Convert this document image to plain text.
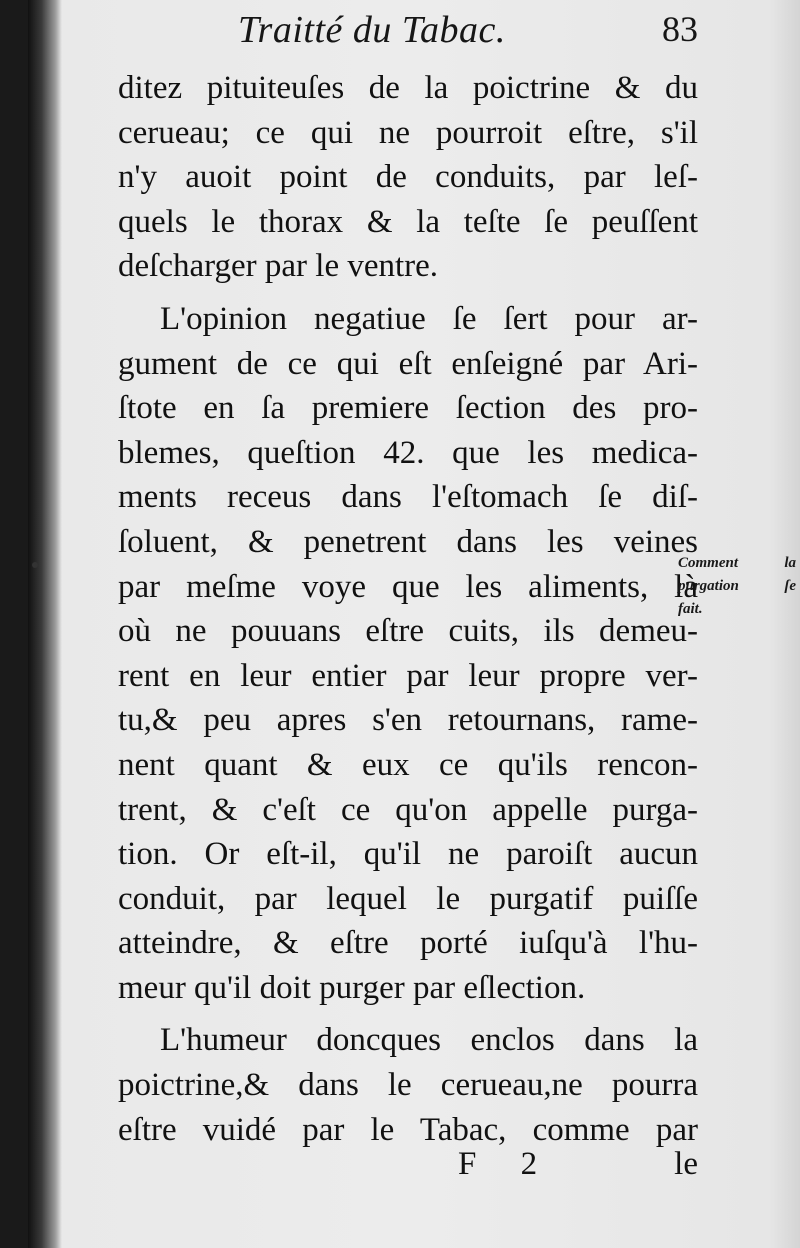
Traitté du Tabac.	83
ditez pituiteuſes de la poictrine & du
cerueau; ce qui ne pourroit eſtre, s'il
n'y auoit point de conduits, par leſ-
quels le thorax & la teſte ſe peuſſent
deſcharger par le ventre.
L'opinion negatiue ſe ſert pour ar-
gument de ce qui eſt enſeigné par Ari-
ſtote en ſa premiere ſection des pro-
blemes, queſtion 42. que les medica-
ments receus dans l'eſtomach ſe diſ-
ſoluent, & penetrent dans les veines
par meſme voye que les aliments, là
où ne pouuans eſtre cuits, ils demeu-
rent en leur entier par leur propre ver-
tu,& peu apres s'en retournans, rame-
nent quant & eux ce qu'ils rencon-
trent, & c'eſt ce qu'on appelle purga-
tion. Or eſt-il, qu'il ne paroiſt aucun
conduit, par lequel le purgatif puiſſe
atteindre, & eſtre porté iuſqu'à l'hu-
meur qu'il doit purger par eſlection.
L'humeur doncques enclos dans la
poictrine,& dans le cerueau,ne pourra
eſtre vuidé par le Tabac, comme par
Comment la
purgation ſe
fait.
F 2	le
